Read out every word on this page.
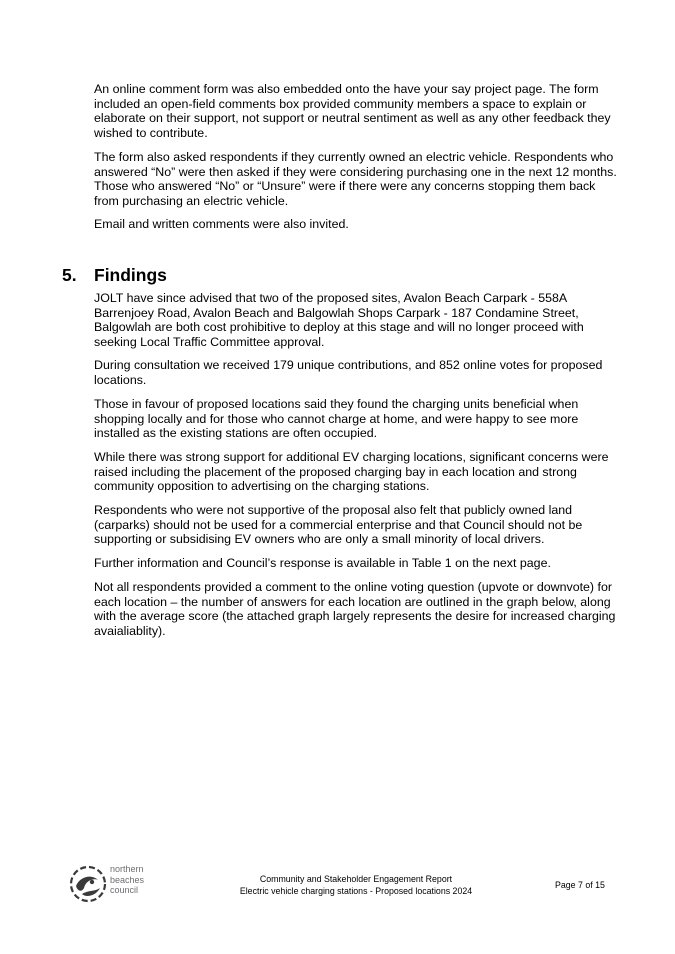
An online comment form was also embedded onto the have your say project page. The form included an open-field comments box provided community members a space to explain or elaborate on their support, not support or neutral sentiment as well as any other feedback they wished to contribute.

The form also asked respondents if they currently owned an electric vehicle. Respondents who answered “No” were then asked if they were considering purchasing one in the next 12 months. Those who answered “No” or “Unsure” were if there were any concerns stopping them back from purchasing an electric vehicle.

Email and written comments were also invited.

5. Findings

JOLT have since advised that two of the proposed sites, Avalon Beach Carpark - 558A Barrenjoey Road, Avalon Beach and Balgowlah Shops Carpark - 187 Condamine Street, Balgowlah are both cost prohibitive to deploy at this stage and will no longer proceed with seeking Local Traffic Committee approval.

During consultation we received 179 unique contributions, and 852 online votes for proposed locations.

Those in favour of proposed locations said they found the charging units beneficial when shopping locally and for those who cannot charge at home, and were happy to see more installed as the existing stations are often occupied.

While there was strong support for additional EV charging locations, significant concerns were raised including the placement of the proposed charging bay in each location and strong community opposition to advertising on the charging stations.

Respondents who were not supportive of the proposal also felt that publicly owned land (carparks) should not be used for a commercial enterprise and that Council should not be supporting or subsidising EV owners who are only a small minority of local drivers.

Further information and Council’s response is available in Table 1 on the next page.

Not all respondents provided a comment to the online voting question (upvote or downvote) for each location – the number of answers for each location are outlined in the graph below, along with the average score (the attached graph largely represents the desire for increased charging avaialiablity).

northern
beaches
council
Community and Stakeholder Engagement Report
Electric vehicle charging stations - Proposed locations 2024
Page 7 of 15
